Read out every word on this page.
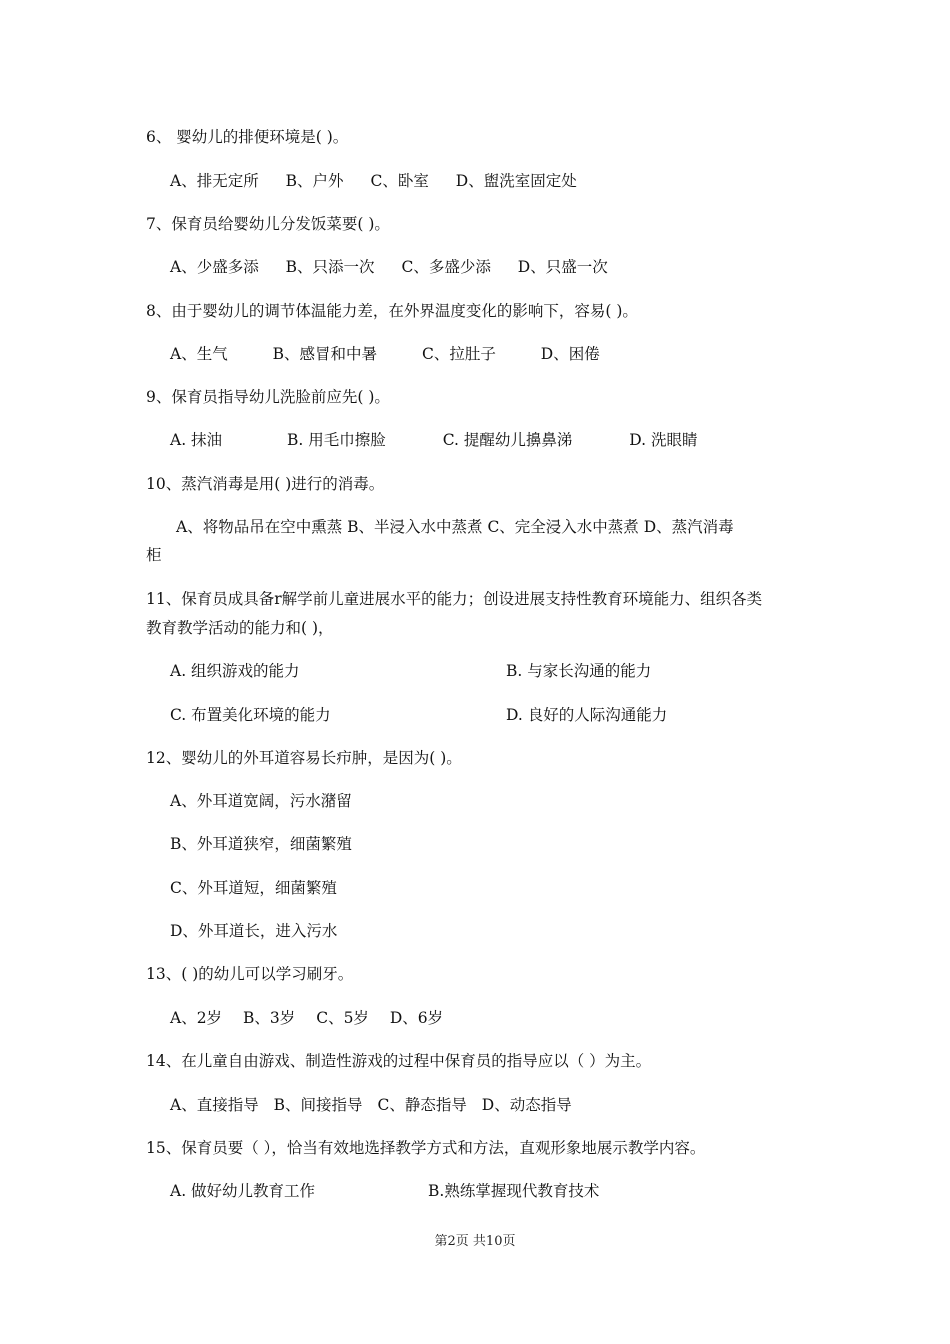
6、 婴幼儿的排便环境是( )。
A、排无定所 B、户外 C、卧室 D、盥洗室固定处
7、保育员给婴幼儿分发饭菜要( )。
A、少盛多添 B、只添一次 C、多盛少添 D、只盛一次
8、由于婴幼儿的调节体温能力差，在外界温度变化的影响下，容易( )。
A、生气	B、感冒和中暑	C、拉肚子	D、困倦
9、保育员指导幼儿洗脸前应先( )。
A. 抹油	B. 用毛巾擦脸	C. 提醒幼儿擤鼻涕	D. 洗眼睛
10、蒸汽消毒是用( )进行的消毒。
A、将物品吊在空中熏蒸 B、半浸入水中蒸煮 C、完全浸入水中蒸煮 D、蒸汽消毒
柜
11、保育员成具备r解学前儿童进展水平的能力；创设进展支持性教育环境能力、组织各类
教育教学活动的能力和( )，
A. 组织游戏的能力	B. 与家长沟通的能力
C. 布置美化环境的能力	D. 良好的人际沟通能力
12、婴幼儿的外耳道容易长疖肿，是因为( )。
A、外耳道宽阔，污水潴留
B、外耳道狭窄，细菌繁殖
C、外耳道短，细菌繁殖
D、外耳道长，进入污水
13、( )的幼儿可以学习刷牙。
A、2岁 B、3岁 C、5岁 D、6岁
14、在儿童自由游戏、制造性游戏的过程中保育员的指导应以（ ）为主。
A、直接指导 B、间接指导 C、静态指导 D、动态指导
15、保育员要（ ），恰当有效地选择教学方式和方法，直观形象地展示教学内容。
A. 做好幼儿教育工作	B.熟练掌握现代教育技术
第2页 共10页
